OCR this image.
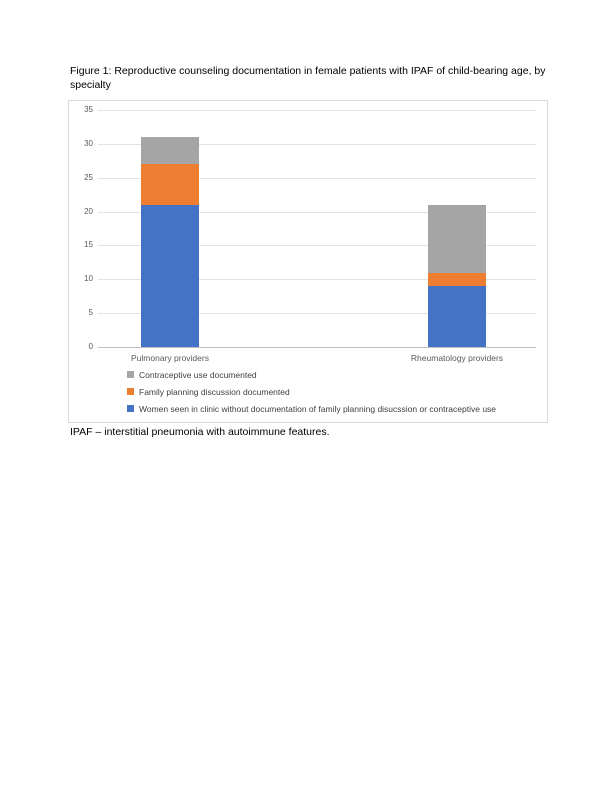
Figure 1: Reproductive counseling documentation in female patients with IPAF of child-bearing age, by specialty

Contraceptive use documented
Family planning discussion documented
Women seen in clinic without documentation of family planning disucssion or contraceptive use
0
5
10
15
20
25
30
35
Pulmonary providers	Rheumatology providers

IPAF – interstitial pneumonia with autoimmune features.
